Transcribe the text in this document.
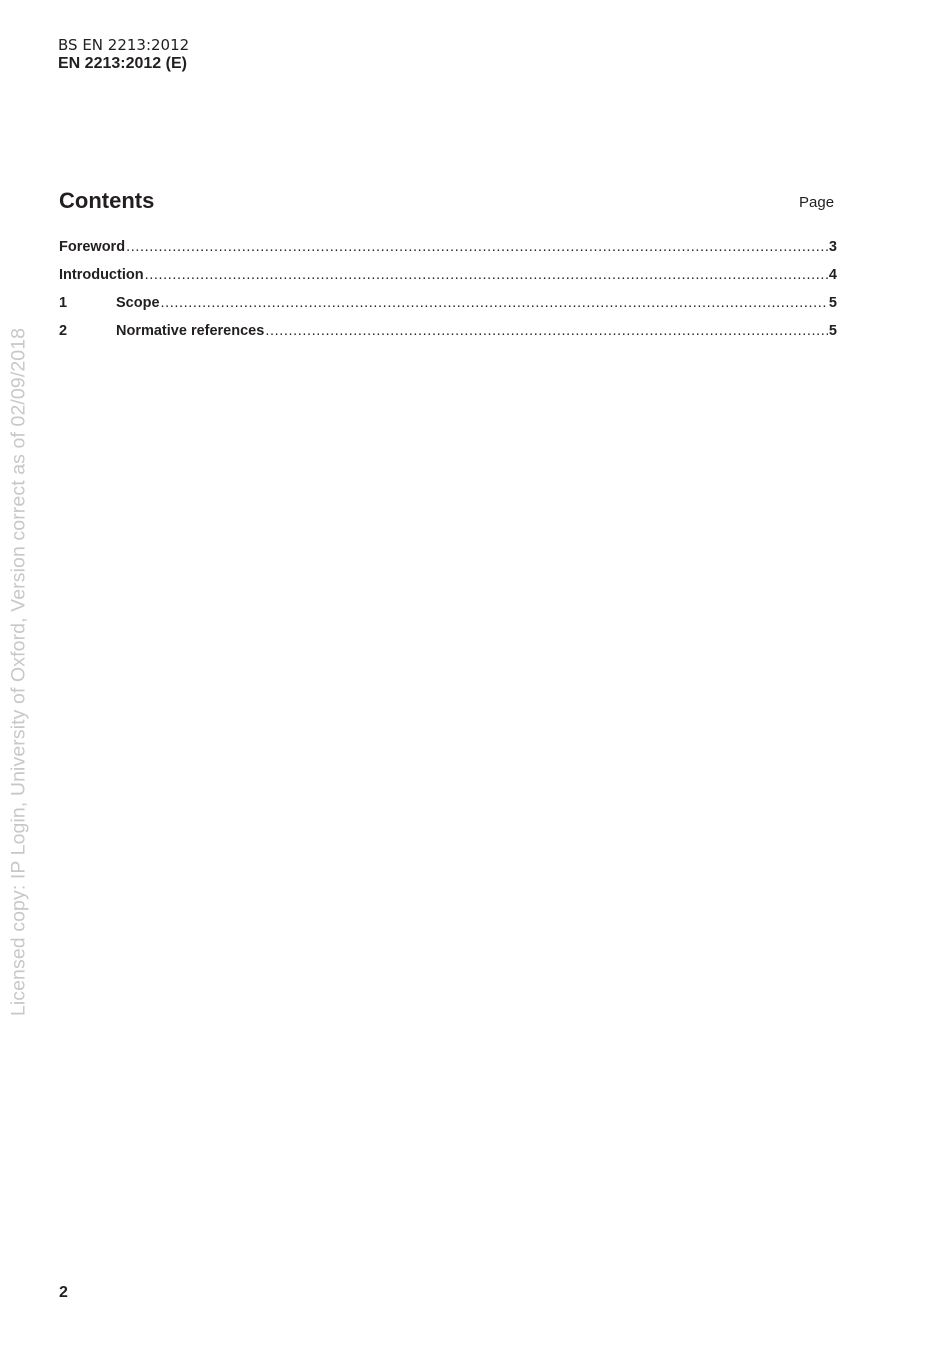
BS EN 2213:2012
EN 2213:2012 (E)
Contents	Page
Foreword .....	3
Introduction .....	4
1	Scope .....	5
2	Normative references .....	5
Licensed copy: IP Login, University of Oxford, Version correct as of 02/09/2018
2
